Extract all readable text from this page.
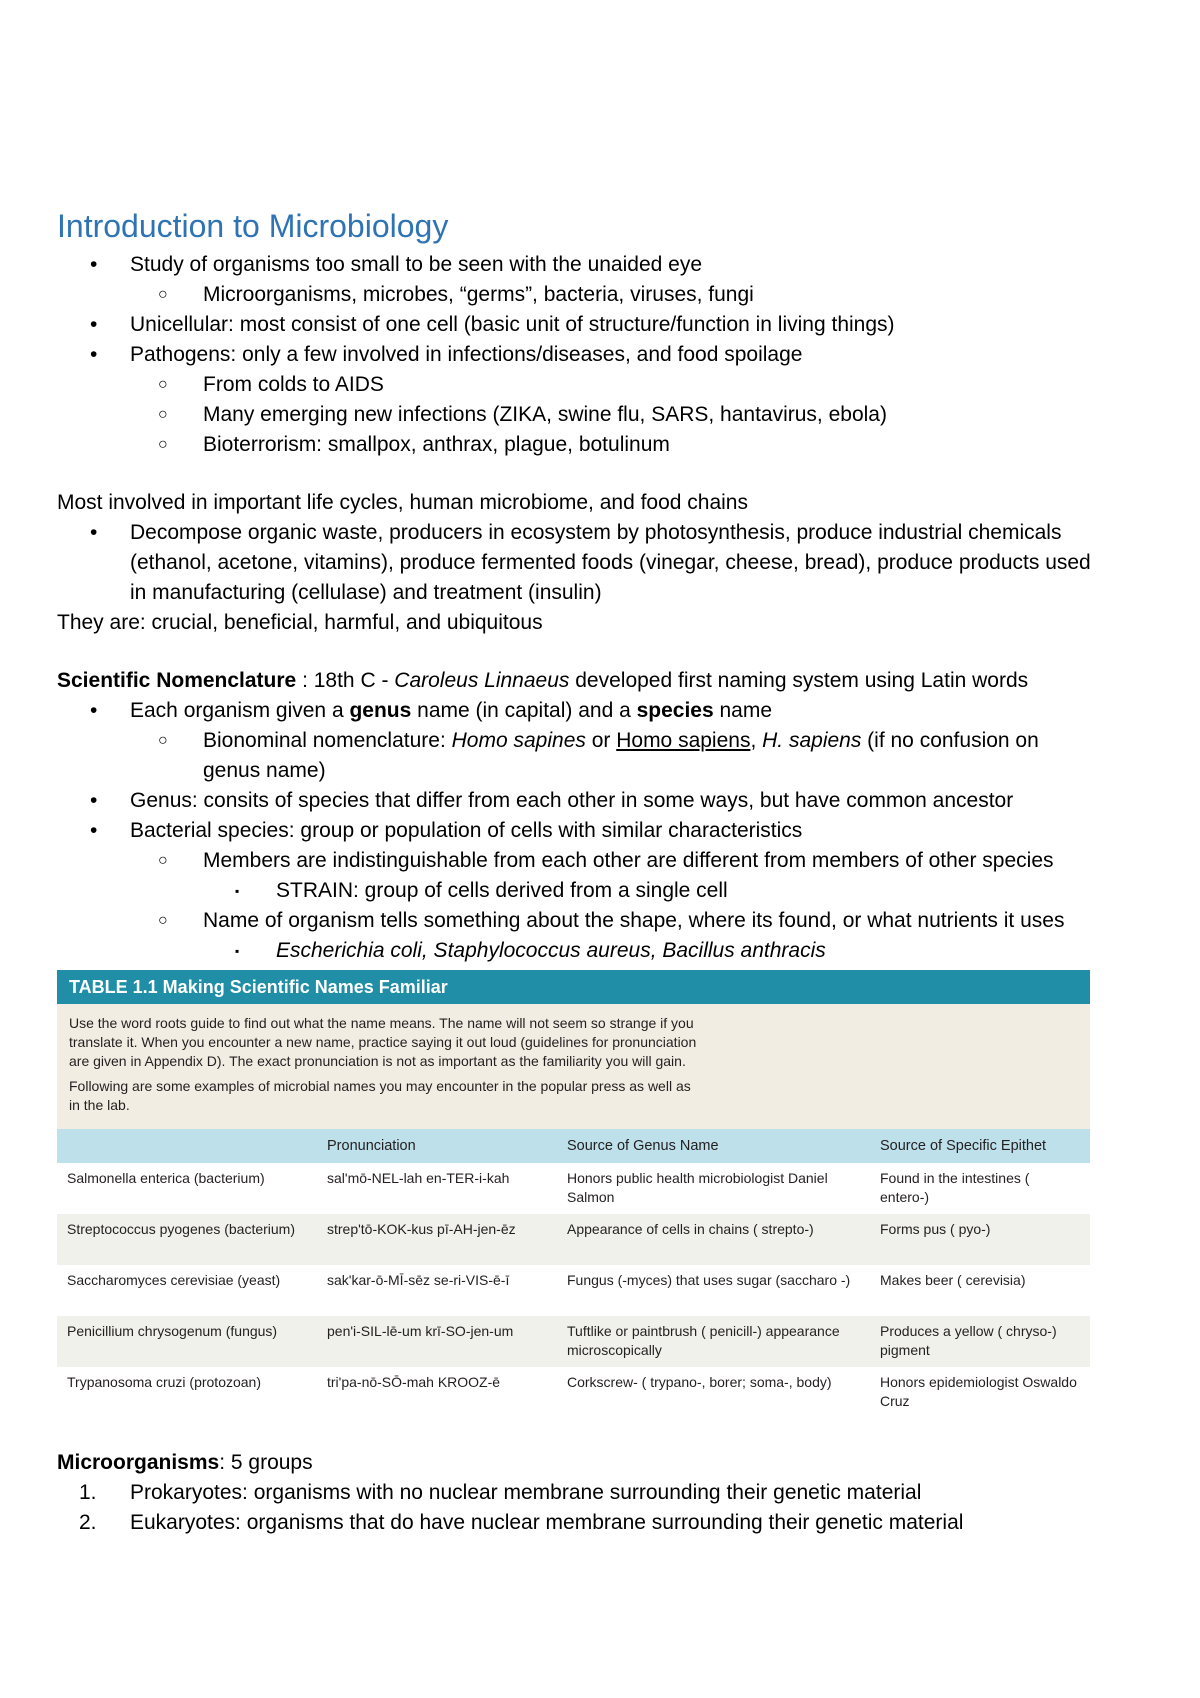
Introduction to Microbiology
• Study of organisms too small to be seen with the unaided eye
○ Microorganisms, microbes, “germs”, bacteria, viruses, fungi
• Unicellular: most consist of one cell (basic unit of structure/function in living things)
• Pathogens: only a few involved in infections/diseases, and food spoilage
○ From colds to AIDS
○ Many emerging new infections (ZIKA, swine flu, SARS, hantavirus, ebola)
○ Bioterrorism: smallpox, anthrax, plague, botulinum

Most involved in important life cycles, human microbiome, and food chains

• Decompose organic waste, producers in ecosystem by photosynthesis, produce industrial chemicals (ethanol, acetone, vitamins), produce fermented foods (vinegar, cheese, bread), produce products used in manufacturing (cellulase) and treatment (insulin)

They are: crucial, beneficial, harmful, and ubiquitous

Scientific Nomenclature : 18th C - Caroleus Linnaeus developed first naming system using Latin words

• Each organism given a genus name (in capital) and a species name
○ Bionominal nomenclature: Homo sapines or Homo sapiens, H. sapiens (if no confusion on genus name)
• Genus: consits of species that differ from each other in some ways, but have common ancestor
• Bacterial species: group or population of cells with similar characteristics
○ Members are indistinguishable from each other are different from members of other species
▪ STRAIN: group of cells derived from a single cell
○ Name of organism tells something about the shape, where its found, or what nutrients it uses
▪ Escherichia coli, Staphylococcus aureus, Bacillus anthracis
TABLE 1.1 Making Scientific Names Familiar

Use the word roots guide to find out what the name means. The name will not seem so strange if you translate it. When you encounter a new name, practice saying it out loud (guidelines for pronunciation are given in Appendix D). The exact pronunciation is not as important as the familiarity you will gain.

Following are some examples of microbial names you may encounter in the popular press as well as in the lab.

	Pronunciation	Source of Genus Name	Source of Specific Epithet
Salmonella enterica (bacterium)	sal'mō-NEL-lah en-TER-i-kah	Honors public health microbiologist Daniel Salmon	Found in the intestines ( entero-)
Streptococcus pyogenes (bacterium)	strep'tō-KOK-kus pī-AH-jen-ēz	Appearance of cells in chains ( strepto-)	Forms pus ( pyo-)
Saccharomyces cerevisiae (yeast)	sak'kar-ō-MĪ-sēz se-ri-VIS-ē-ī	Fungus (-myces) that uses sugar (saccharo -)	Makes beer ( cerevisia)
Penicillium chrysogenum (fungus)	pen'i-SIL-lē-um krī-SO-jen-um	Tuftlike or paintbrush ( penicill-) appearance microscopically	Produces a yellow ( chryso-) pigment
Trypanosoma cruzi (protozoan)	tri'pa-nō-SŌ-mah KROOZ-ē	Corkscrew- ( trypano-, borer; soma-, body)	Honors epidemiologist Oswaldo Cruz

Microorganisms: 5 groups

1. Prokaryotes: organisms with no nuclear membrane surrounding their genetic material
2. Eukaryotes: organisms that do have nuclear membrane surrounding their genetic material
